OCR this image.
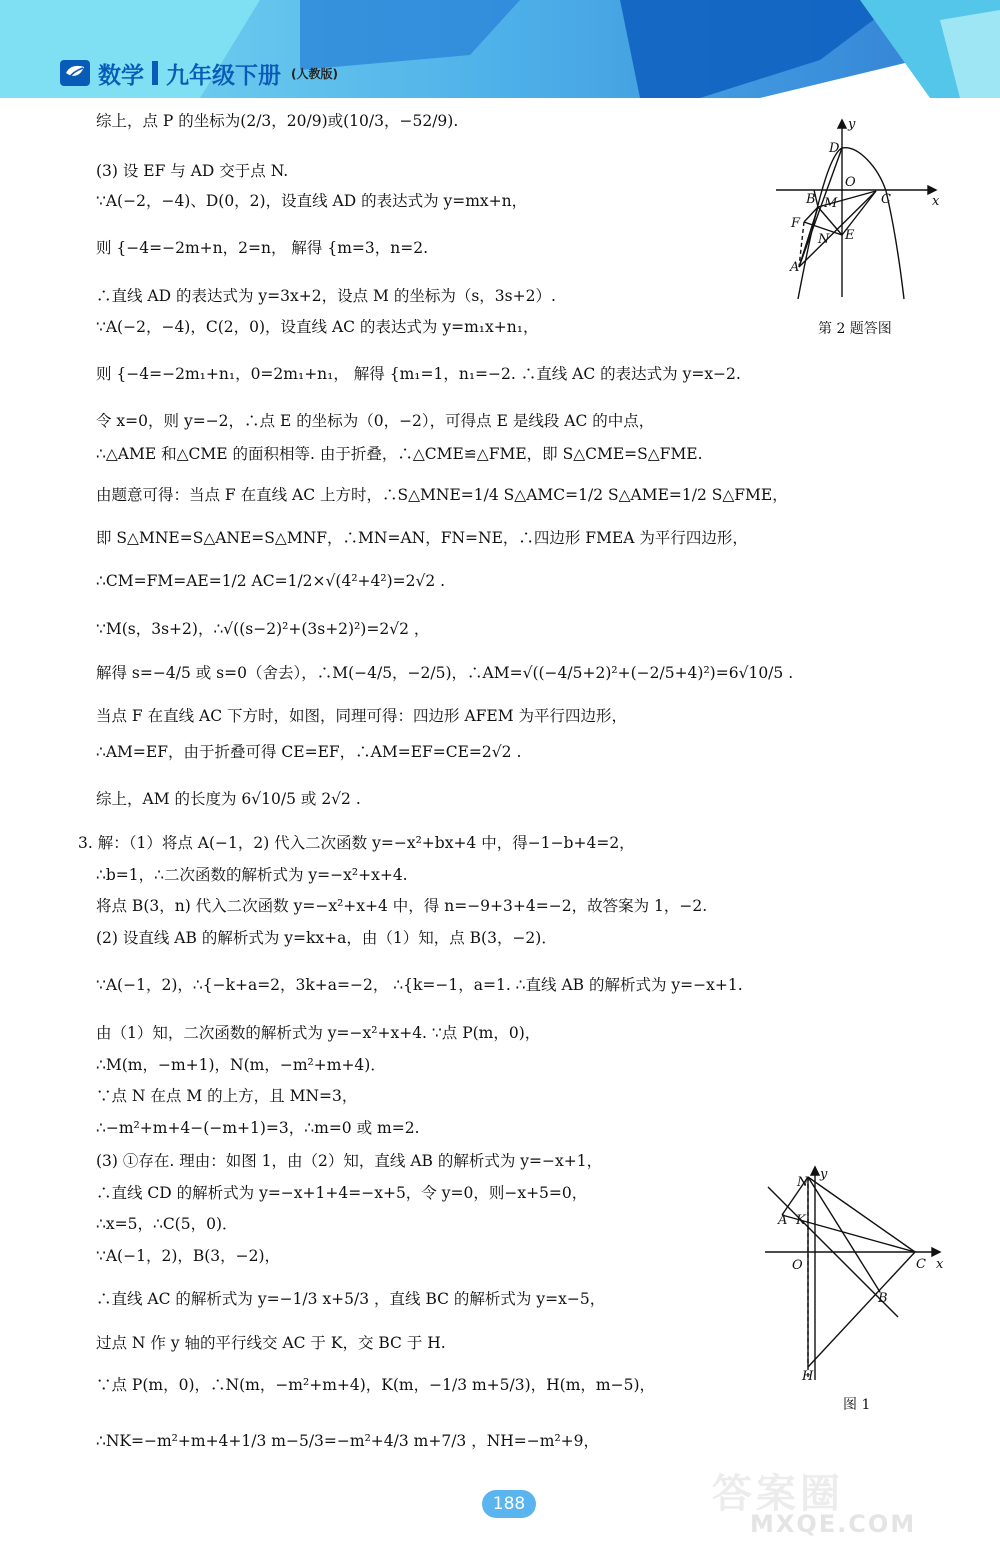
数学 九年级下册 (人教版)
综上，点 P 的坐标为(2/3，20/9)或(10/3，−52/9).
(3) 设 EF 与 AD 交于点 N.
∵A(−2，−4)、D(0，2)，设直线 AD 的表达式为 y=mx+n，
则 {−4=−2m+n，2=n， 解得 {m=3，n=2.
∴直线 AD 的表达式为 y=3x+2，设点 M 的坐标为（s，3s+2）.
∵A(−2，−4)，C(2，0)，设直线 AC 的表达式为 y=m₁x+n₁，
则 {−4=−2m₁+n₁，0=2m₁+n₁， 解得 {m₁=1，n₁=−2. ∴直线 AC 的表达式为 y=x−2.
令 x=0，则 y=−2，∴点 E 的坐标为（0，−2），可得点 E 是线段 AC 的中点，
∴△AME 和△CME 的面积相等. 由于折叠，∴△CME≌△FME，即 S△CME=S△FME.
由题意可得：当点 F 在直线 AC 上方时，∴S△MNE=1/4 S△AMC=1/2 S△AME=1/2 S△FME，
即 S△MNE=S△ANE=S△MNF，∴MN=AN，FN=NE，∴四边形 FMEA 为平行四边形，
∴CM=FM=AE=1/2 AC=1/2×√(4²+4²)=2√2 .
∵M(s，3s+2)，∴√((s−2)²+(3s+2)²)=2√2 ，
解得 s=−4/5 或 s=0（舍去），∴M(−4/5，−2/5)，∴AM=√((−4/5+2)²+(−2/5+4)²)=6√10/5 .
当点 F 在直线 AC 下方时，如图，同理可得：四边形 AFEM 为平行四边形，
∴AM=EF，由于折叠可得 CE=EF，∴AM=EF=CE=2√2 .
综上，AM 的长度为 6√10/5 或 2√2 .
3. 解：（1）将点 A(−1，2) 代入二次函数 y=−x²+bx+4 中，得−1−b+4=2，
∴b=1，∴二次函数的解析式为 y=−x²+x+4.
将点 B(3，n) 代入二次函数 y=−x²+x+4 中，得 n=−9+3+4=−2，故答案为 1，−2.
(2) 设直线 AB 的解析式为 y=kx+a，由（1）知，点 B(3，−2)．
∵A(−1，2)，∴{−k+a=2，3k+a=−2， ∴{k=−1，a=1. ∴直线 AB 的解析式为 y=−x+1.
由（1）知，二次函数的解析式为 y=−x²+x+4. ∵点 P(m，0)，
∴M(m，−m+1)，N(m，−m²+m+4)．
∵点 N 在点 M 的上方，且 MN=3，
∴−m²+m+4−(−m+1)=3，∴m=0 或 m=2.
(3) ①存在. 理由：如图 1，由（2）知，直线 AB 的解析式为 y=−x+1，
∴直线 CD 的解析式为 y=−x+1+4=−x+5，令 y=0，则−x+5=0，
∴x=5，∴C(5，0)．
∵A(−1，2)，B(3，−2)，
∴直线 AC 的解析式为 y=−1/3 x+5/3 ，直线 BC 的解析式为 y=x−5，
过点 N 作 y 轴的平行线交 AC 于 K，交 BC 于 H.
∵点 P(m，0)，∴N(m，−m²+m+4)，K(m，−1/3 m+5/3)，H(m，m−5)，
∴NK=−m²+m+4+1/3 m−5/3=−m²+4/3 m+7/3 ，NH=−m²+9，
y
x
D
O
B M	C
F
N E
A
第 2 题答图
y
x
N
K
A
O	C
B
H
图 1
188	答案圈
MXQE.COM
